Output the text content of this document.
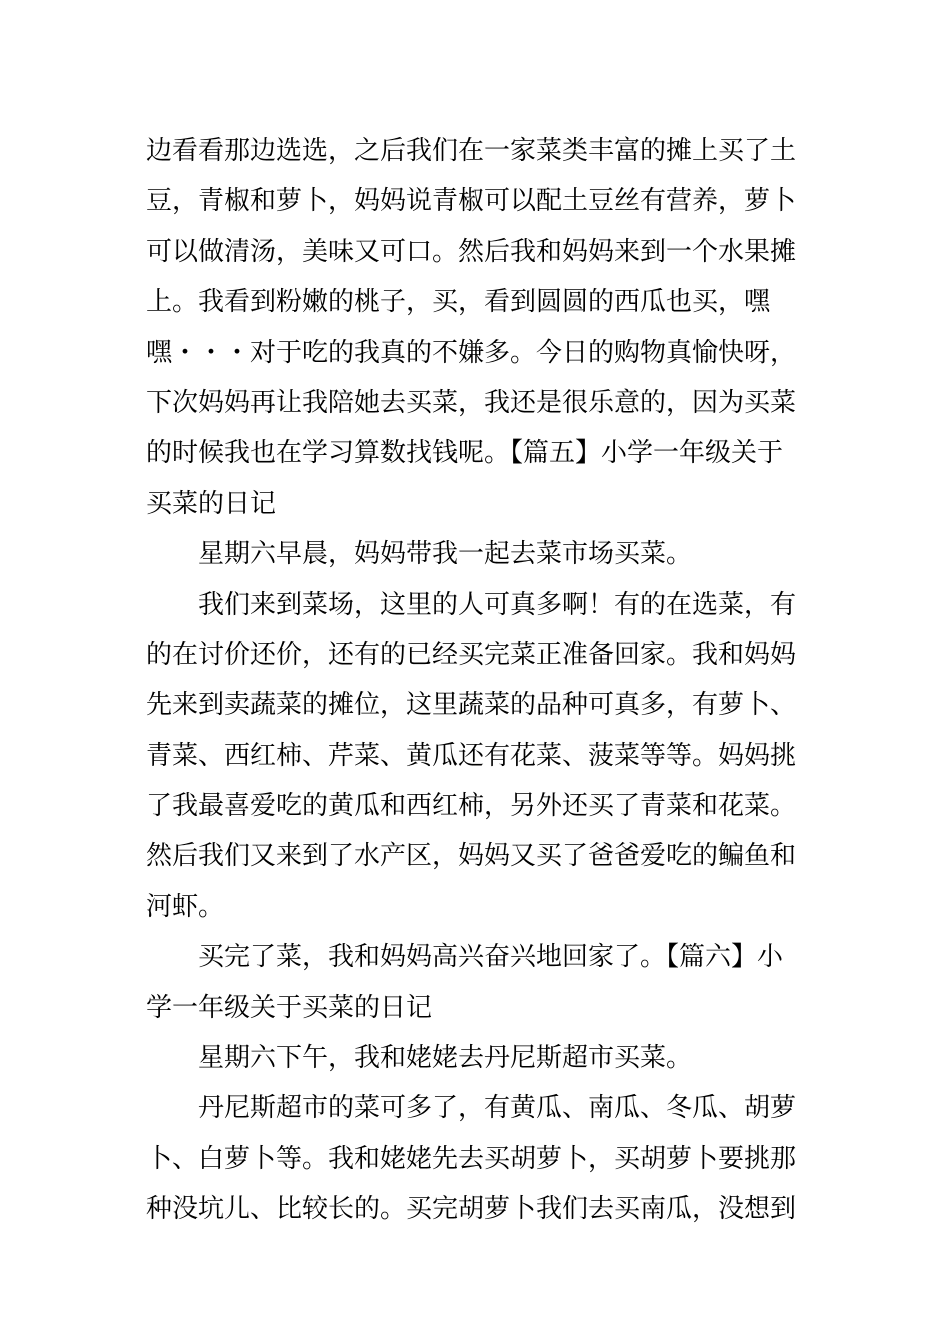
边看看那边选选，之后我们在一家菜类丰富的摊上买了土
豆，青椒和萝卜，妈妈说青椒可以配土豆丝有营养，萝卜
可以做清汤，美味又可口。然后我和妈妈来到一个水果摊
上。我看到粉嫩的桃子，买，看到圆圆的西瓜也买，嘿
嘿・・・对于吃的我真的不嫌多。今日的购物真愉快呀，
下次妈妈再让我陪她去买菜，我还是很乐意的，因为买菜
的时候我也在学习算数找钱呢。【篇五】小学一年级关于
买菜的日记
星期六早晨，妈妈带我一起去菜市场买菜。
我们来到菜场，这里的人可真多啊！有的在选菜，有
的在讨价还价，还有的已经买完菜正准备回家。我和妈妈
先来到卖蔬菜的摊位，这里蔬菜的品种可真多，有萝卜、
青菜、西红柿、芹菜、黄瓜还有花菜、菠菜等等。妈妈挑
了我最喜爱吃的黄瓜和西红柿，另外还买了青菜和花菜。
然后我们又来到了水产区，妈妈又买了爸爸爱吃的鳊鱼和
河虾。
买完了菜，我和妈妈高兴奋兴地回家了。【篇六】小
学一年级关于买菜的日记
星期六下午，我和姥姥去丹尼斯超市买菜。
丹尼斯超市的菜可多了，有黄瓜、南瓜、冬瓜、胡萝
卜、白萝卜等。我和姥姥先去买胡萝卜，买胡萝卜要挑那
种没坑儿、比较长的。买完胡萝卜我们去买南瓜，没想到
